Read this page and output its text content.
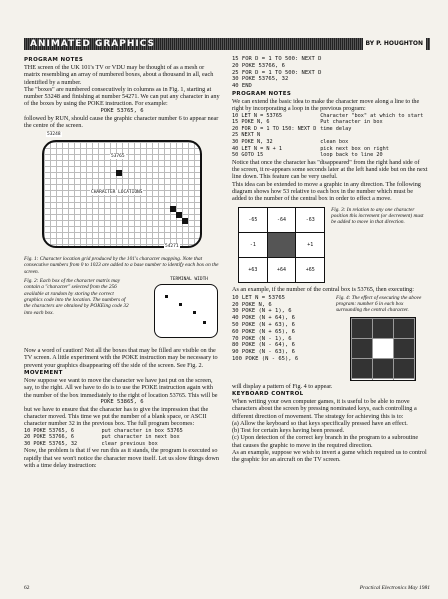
ANIMATED GRAPHICS	BY P. HOUGHTON
PROGRAM NOTES

THE screen of the UK 101's TV or VDU may be thought of as a mesh or matrix resembling an array of numbered boxes, about a thousand in all, each identified by a number.

The "boxes" are numbered consecutively in columns as in Fig. 1, starting at number 53248 and finishing at number 54271. We can put any character in any of the boxes by using the POKE instruction. For example:

POKE 53765, 6

followed by RUN, should cause the graphic character number 6 to appear near the centre of the screen.

53248
53765
54271
CHARACTER LOCATIONS

Fig. 1: Character location grid produced by the 101's character mapping. Note that consecutive numbers from 0 to 1023 are added to a base number to identify each box on the screen.

Fig. 2: Each box of the character matrix may contain a "character" selected from the 256 available at random by storing the correct graphics code into the location. The numbers of the characters are obtained by POKEing code 32 into each box.

TERMINAL WIDTH

Now a word of caution! Not all the boxes that may be filled are visible on the TV screen. A little experiment with the POKE instruction may be necessary to prevent your graphics disappearing off the side of the screen. See Fig. 2.

MOVEMENT

Now suppose we want to move the character we have just put on the screen, say, to the right. All we have to do is to use the POKE instruction again with the number of the box immediately to the right of location 53765. This will be

POKE 53865, 6

but we have to ensure that the character has to give the impression that the character moved. This time we put the number of a blank space, or ASCII character number 32 in the previous box. The full program becomes:

10 POKE 53765, 6	put character in box 53765
20 POKE 53766, 6	put character in next box
30 POKE 53765, 32	clear previous box

Now, the problem is that if we run this as it stands, the program is executed so rapidly that we won't notice the character move itself. Let us slow things down with a time delay instruction:

15 FOR D = 1 TO 500: NEXT D
20 POKE 53766, 6
25 FOR D = 1 TO 500: NEXT D
30 POKE 53765, 32
40 END
PROGRAM NOTES

We can extend the basic idea to make the character move along a line to the right by incorporating a loop in the previous program:

10 LET N = 53765	Character "box" at which to start
15 POKE N, 6	Put character in box
20 FOR D = 1 TO 150: NEXT D	time delay
25 NEXT N	
30 POKE N, 32	clean box
40 LET N = N + 1	pick next box on right
50 GOTO 15	loop back to line 20

Notice that once the character has "disappeared" from the right hand side of the screen, it re-appears some seconds later at the left hand side but on the next line down. This feature can be very useful.

This idea can be extended to move a graphic in any direction. The following diagram shows how 53 relative to each box in the number which must be added to the number of the central box in order to effect a move.

-65	-64	-63
-1		+1
+63	+64	+65

Fig. 3: In relation to any one character position this increment (or decrement) must be added to move in that direction.

As an example, if the number of the central box is 53765, then executing:

10 LET N = 53765
20 POKE N, 6
30 POKE (N + 1), 6
40 POKE (N + 64), 6
50 POKE (N + 63), 6
60 POKE (N + 65), 6
70 POKE (N - 1), 6
80 POKE (N - 64), 6
90 POKE (N - 63), 6
100 POKE (N - 65), 6

Fig. 4: The effect of executing the above program: number 6 in each box surrounding the central character.

will display a pattern of Fig. 4 to appear.

KEYBOARD CONTROL

When writing your own computer games, it is useful to be able to move characters about the screen by pressing nominated keys, each controlling a different direction of movement. The strategy for achieving this is to:

(a) Allow the keyboard so that keys specifically pressed have an effect.

(b) Test for certain keys having been pressed.

(c) Upon detection of the correct key branch in the program to a subroutine that causes the graphic to move in the required direction.

As an example, suppose we wish to invert a game which required us to control the graphic for an aircraft on the TV screen.

62	Practical Electronics May 1981
